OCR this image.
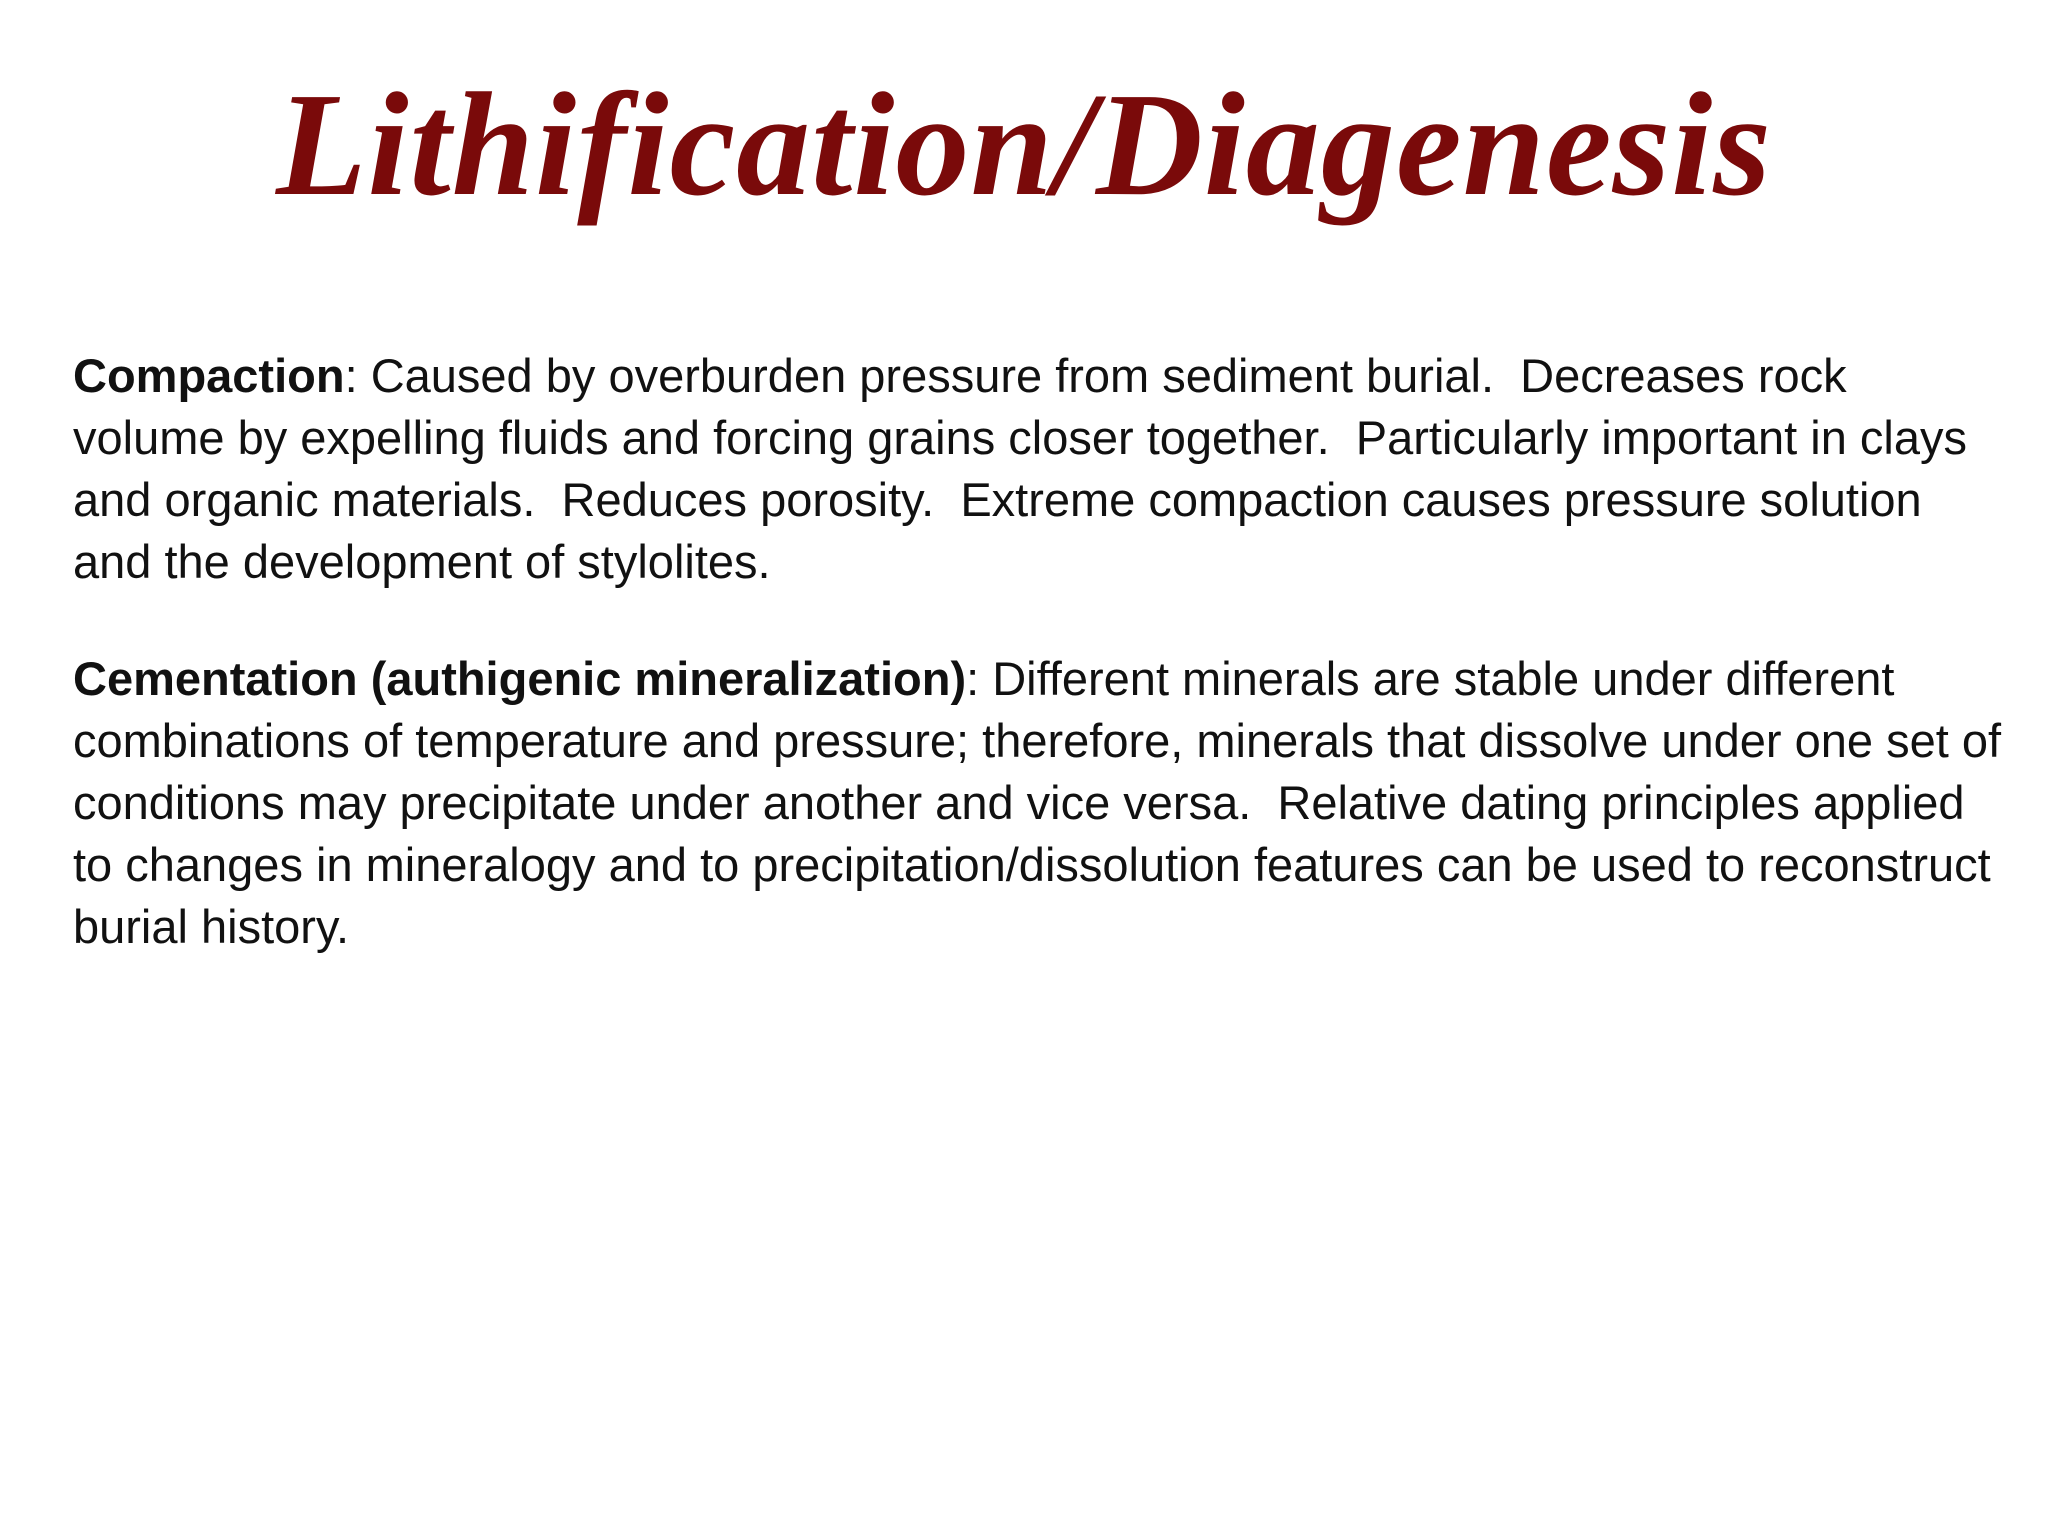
Lithification/Diagenesis

Compaction: Caused by overburden pressure from sediment burial.  Decreases rock volume by expelling fluids and forcing grains closer together.  Particularly important in clays and organic materials.  Reduces porosity.  Extreme compaction causes pressure solution and the development of stylolites.

Cementation (authigenic mineralization): Different minerals are stable under different combinations of temperature and pressure; therefore, minerals that dissolve under one set of conditions may precipitate under another and vice versa.  Relative dating principles applied to changes in mineralogy and to precipitation/dissolution features can be used to reconstruct burial history.
